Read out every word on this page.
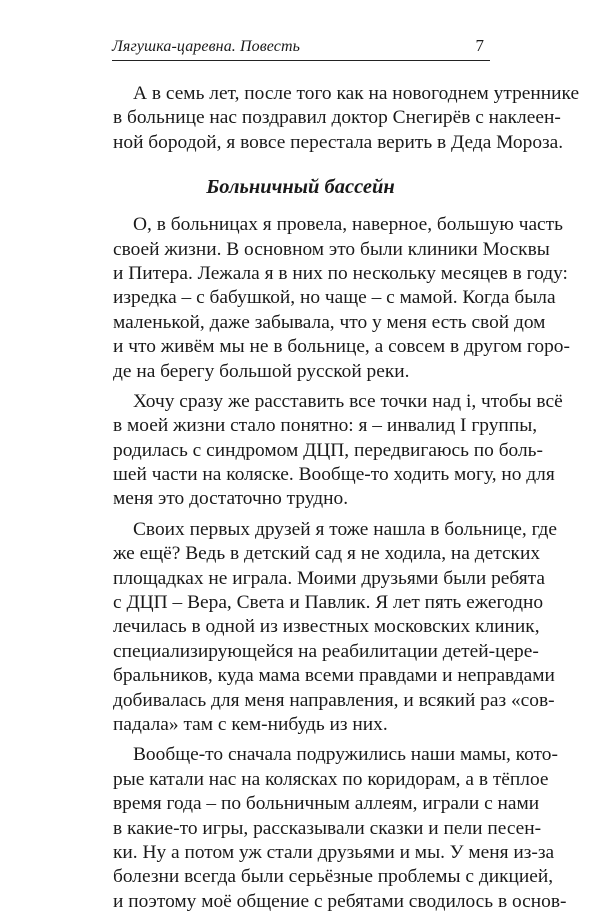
Лягушка-царевна. Повесть	7
А в семь лет, после того как на новогоднем утреннике
в больнице нас поздравил доктор Снегирёв с наклеен-
ной бородой, я вовсе перестала верить в Деда Мороза.
Больничный бассейн
О, в больницах я провела, наверное, большую часть
своей жизни. В основном это были клиники Москвы
и Питера. Лежала я в них по нескольку месяцев в году:
изредка – с бабушкой, но чаще – с мамой. Когда была
маленькой, даже забывала, что у меня есть свой дом
и что живём мы не в больнице, а совсем в другом горо-
де на берегу большой русской реки.
Хочу сразу же расставить все точки над i, чтобы всё
в моей жизни стало понятно: я – инвалид I группы,
родилась с синдромом ДЦП, передвигаюсь по боль-
шей части на коляске. Вообще-то ходить могу, но для
меня это достаточно трудно.
Своих первых друзей я тоже нашла в больнице, где
же ещё? Ведь в детский сад я не ходила, на детских
площадках не играла. Моими друзьями были ребята
с ДЦП – Вера, Света и Павлик. Я лет пять ежегодно
лечилась в одной из известных московских клиник,
специализирующейся на реабилитации детей-цере-
бральников, куда мама всеми правдами и неправдами
добивалась для меня направления, и всякий раз «сов-
падала» там с кем-нибудь из них.
Вообще-то сначала подружились наши мамы, кото-
рые катали нас на колясках по коридорам, а в тёплое
время года – по больничным аллеям, играли с нами
в какие-то игры, рассказывали сказки и пели песен-
ки. Ну а потом уж стали друзьями и мы. У меня из-за
болезни всегда были серьёзные проблемы с дикцией,
и поэтому моё общение с ребятами сводилось в основ-
